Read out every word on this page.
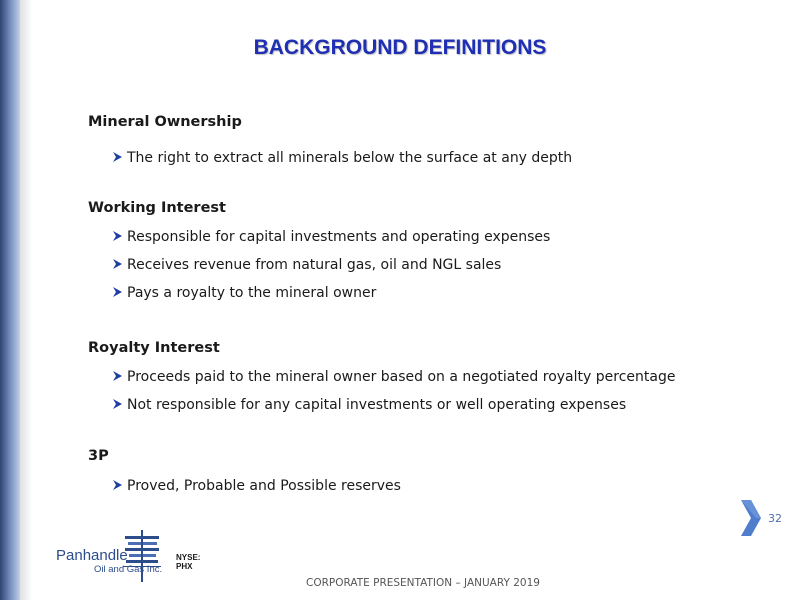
BACKGROUND DEFINITIONS
Mineral Ownership
The right to extract all minerals below the surface at any depth
Working Interest
Responsible for capital investments and operating expenses
Receives revenue from natural gas, oil and NGL sales
Pays a royalty to the mineral owner
Royalty Interest
Proceeds paid to the mineral owner based on a negotiated royalty percentage
Not responsible for any capital investments or well operating expenses
3P
Proved, Probable and Possible reserves
32
Panhandle
Oil and Gas Inc.
NYSE: PHX
CORPORATE PRESENTATION – JANUARY 2019
